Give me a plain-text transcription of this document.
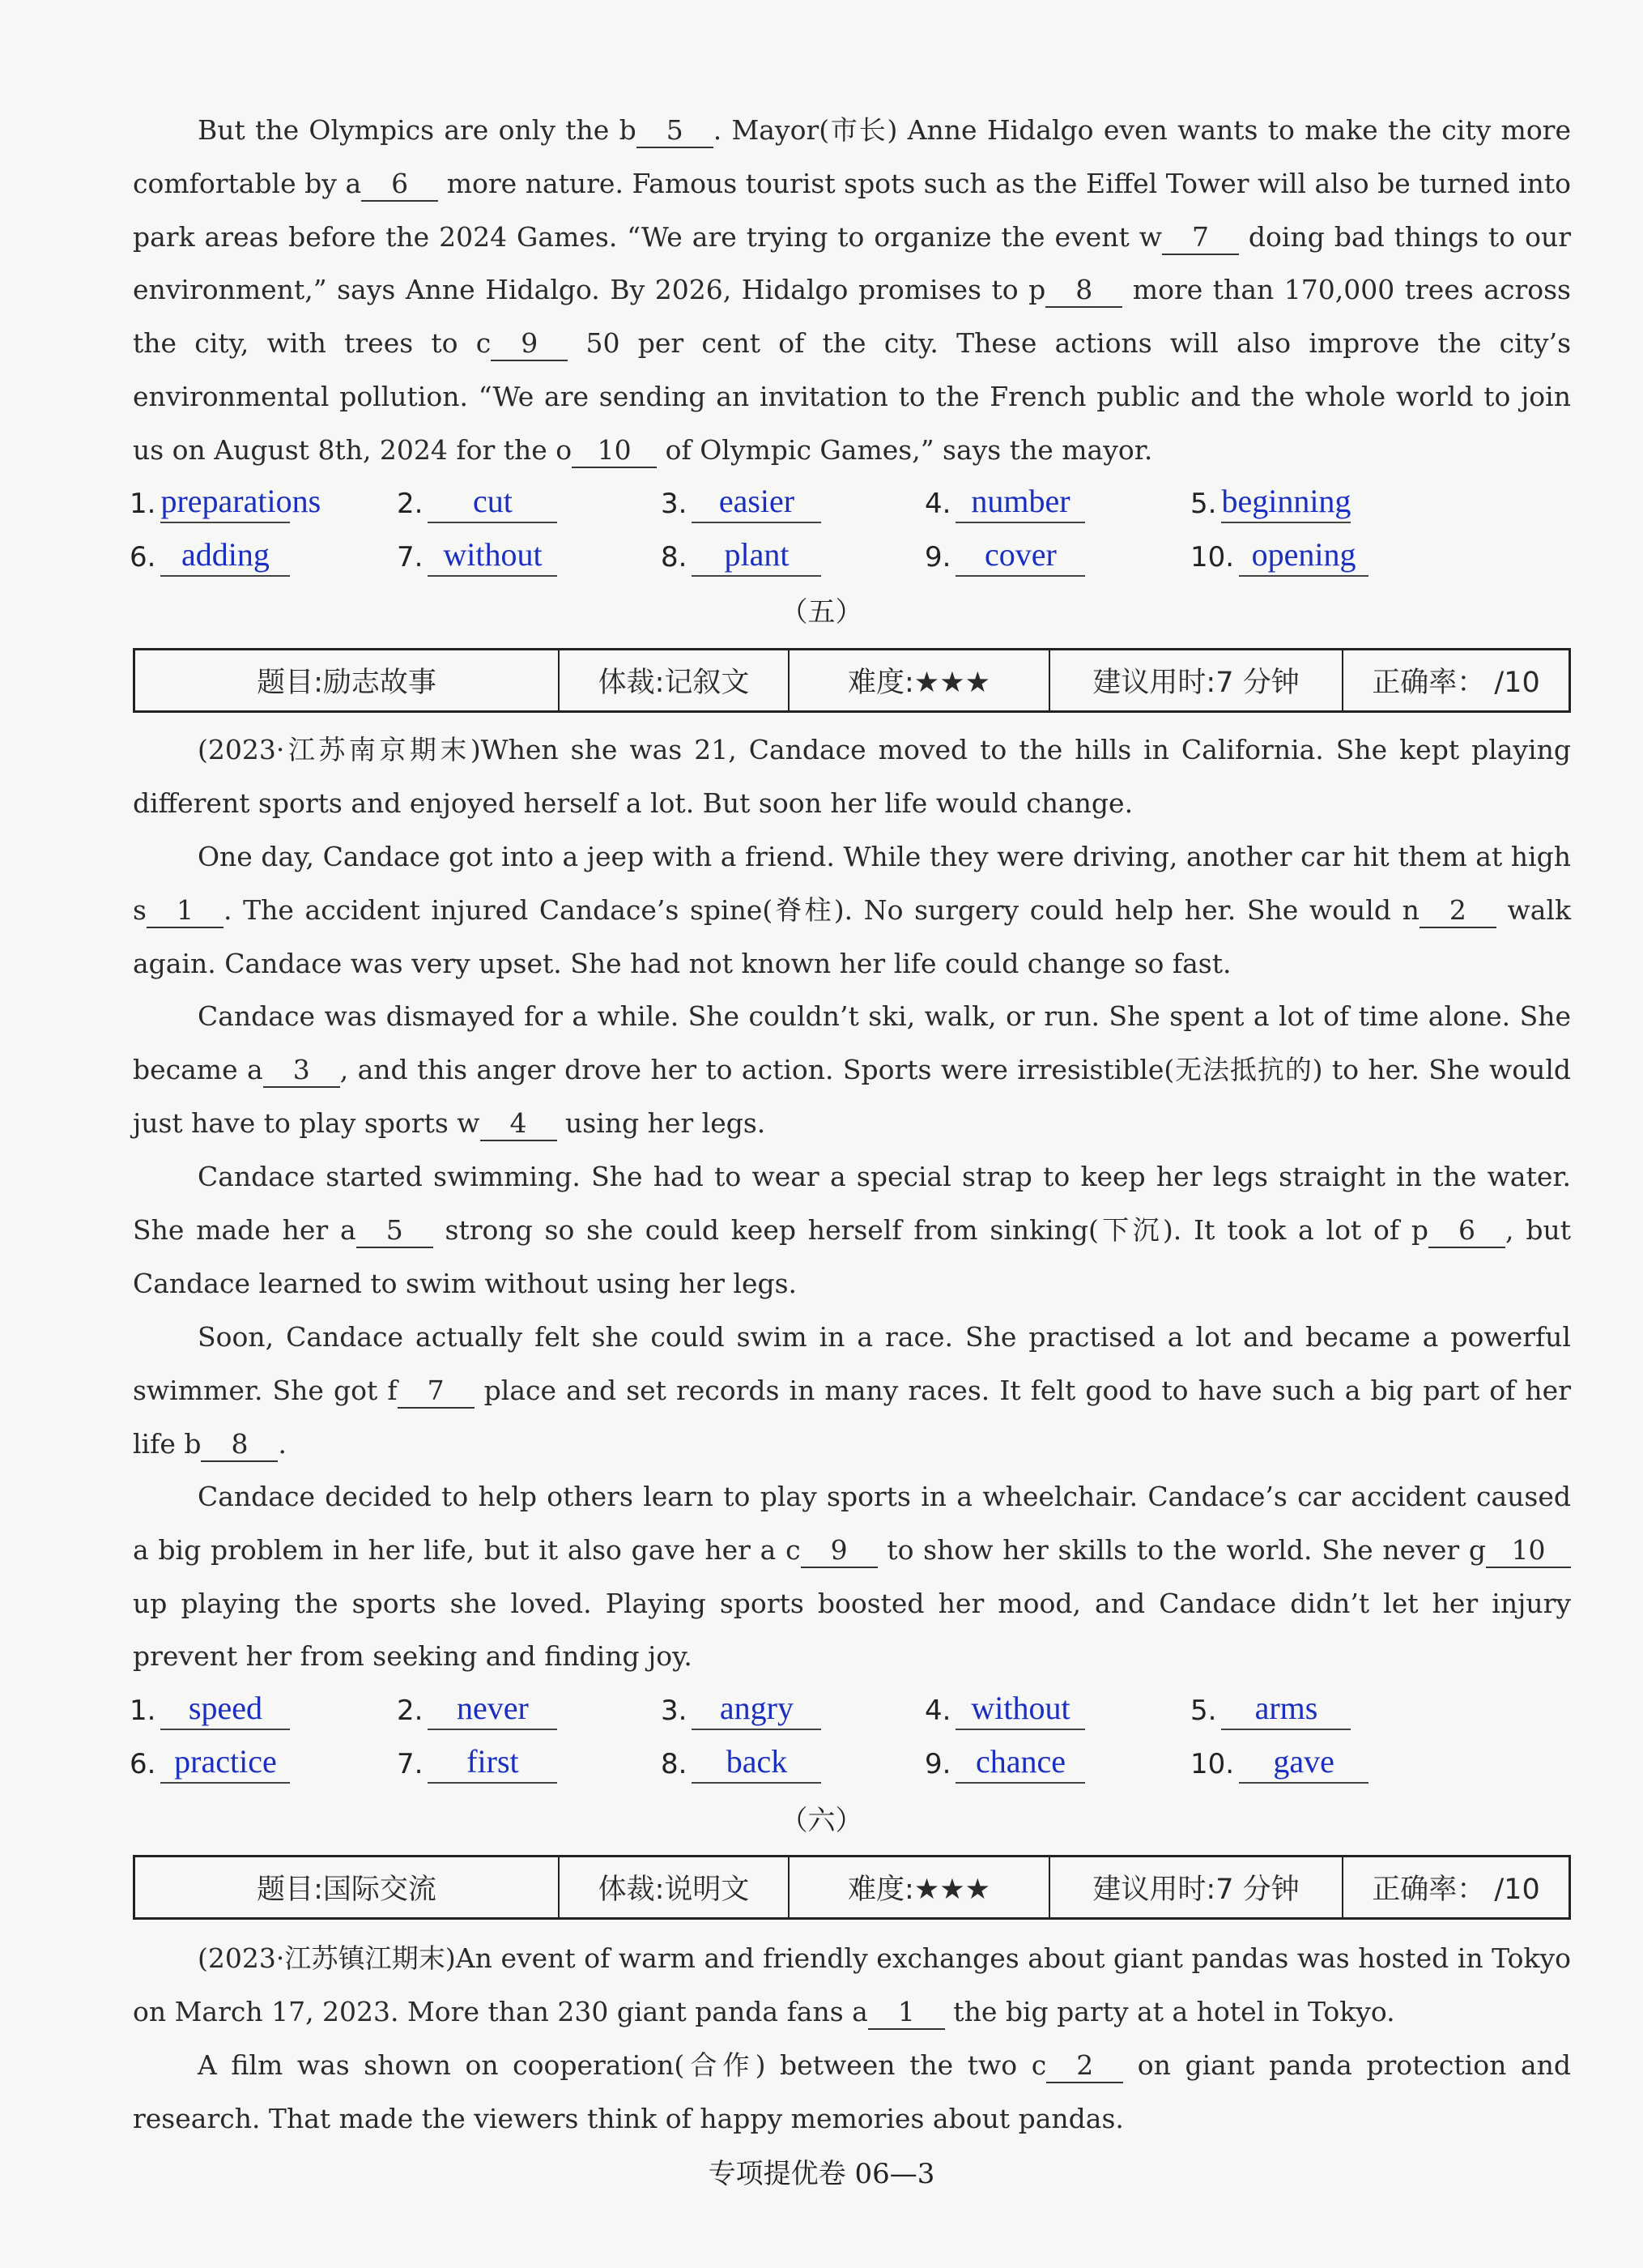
But the Olympics are only the b 5 . Mayor(市长) Anne Hidalgo even wants to make the city more comfortable by a 6 more nature. Famous tourist spots such as the Eiffel Tower will also be turned into park areas before the 2024 Games. “We are trying to organize the event w 7 doing bad things to our environment,” says Anne Hidalgo. By 2026, Hidalgo promises to p 8 more than 170,000 trees across the city, with trees to c 9 50 per cent of the city. These actions will also improve the city’s environmental pollution. “We are sending an invitation to the French public and the whole world to join us on August 8th, 2024 for the o 10 of Olympic Games,” says the mayor.

1. preparations	2.	cut	3. easier	4. number	5. beginning
6. adding	7. without	8.	plant	9.	cover	10. opening
（五）
题目:励志故事	体裁:记叙文	难度:★★★	建议用时:7 分钟	正确率： /10

(2023·江苏南京期末)When she was 21, Candace moved to the hills in California. She kept playing different sports and enjoyed herself a lot. But soon her life would change.

One day, Candace got into a jeep with a friend. While they were driving, another car hit them at high s 1 . The accident injured Candace’s spine(脊柱). No surgery could help her. She would n 2 walk again. Candace was very upset. She had not known her life could change so fast.

Candace was dismayed for a while. She couldn’t ski, walk, or run. She spent a lot of time alone. She became a 3 , and this anger drove her to action. Sports were irresistible(无法抵抗的) to her. She would just have to play sports w 4 using her legs.

Candace started swimming. She had to wear a special strap to keep her legs straight in the water. She made her a 5 strong so she could keep herself from sinking(下沉). It took a lot of p 6 , but Candace learned to swim without using her legs.

Soon, Candace actually felt she could swim in a race. She practised a lot and became a powerful swimmer. She got f 7 place and set records in many races. It felt good to have such a big part of her life b 8 .

Candace decided to help others learn to play sports in a wheelchair. Candace’s car accident caused a big problem in her life, but it also gave her a c 9 to show her skills to the world. She never g 10 up playing the sports she loved. Playing sports boosted her mood, and Candace didn’t let her injury prevent her from seeking and finding joy.

1.	speed	2.	never	3.	angry	4. without	5.	arms
6. practice	7.	first	8.	back	9. chance	10.	gave
（六）
题目:国际交流	体裁:说明文	难度:★★★	建议用时:7 分钟	正确率： /10

(2023·江苏镇江期末)An event of warm and friendly exchanges about giant pandas was hosted in Tokyo on March 17, 2023. More than 230 giant panda fans a 1 the big party at a hotel in Tokyo.

A film was shown on cooperation(合作) between the two c 2 on giant panda protection and research. That made the viewers think of happy memories about pandas.

专项提优卷 06—3
